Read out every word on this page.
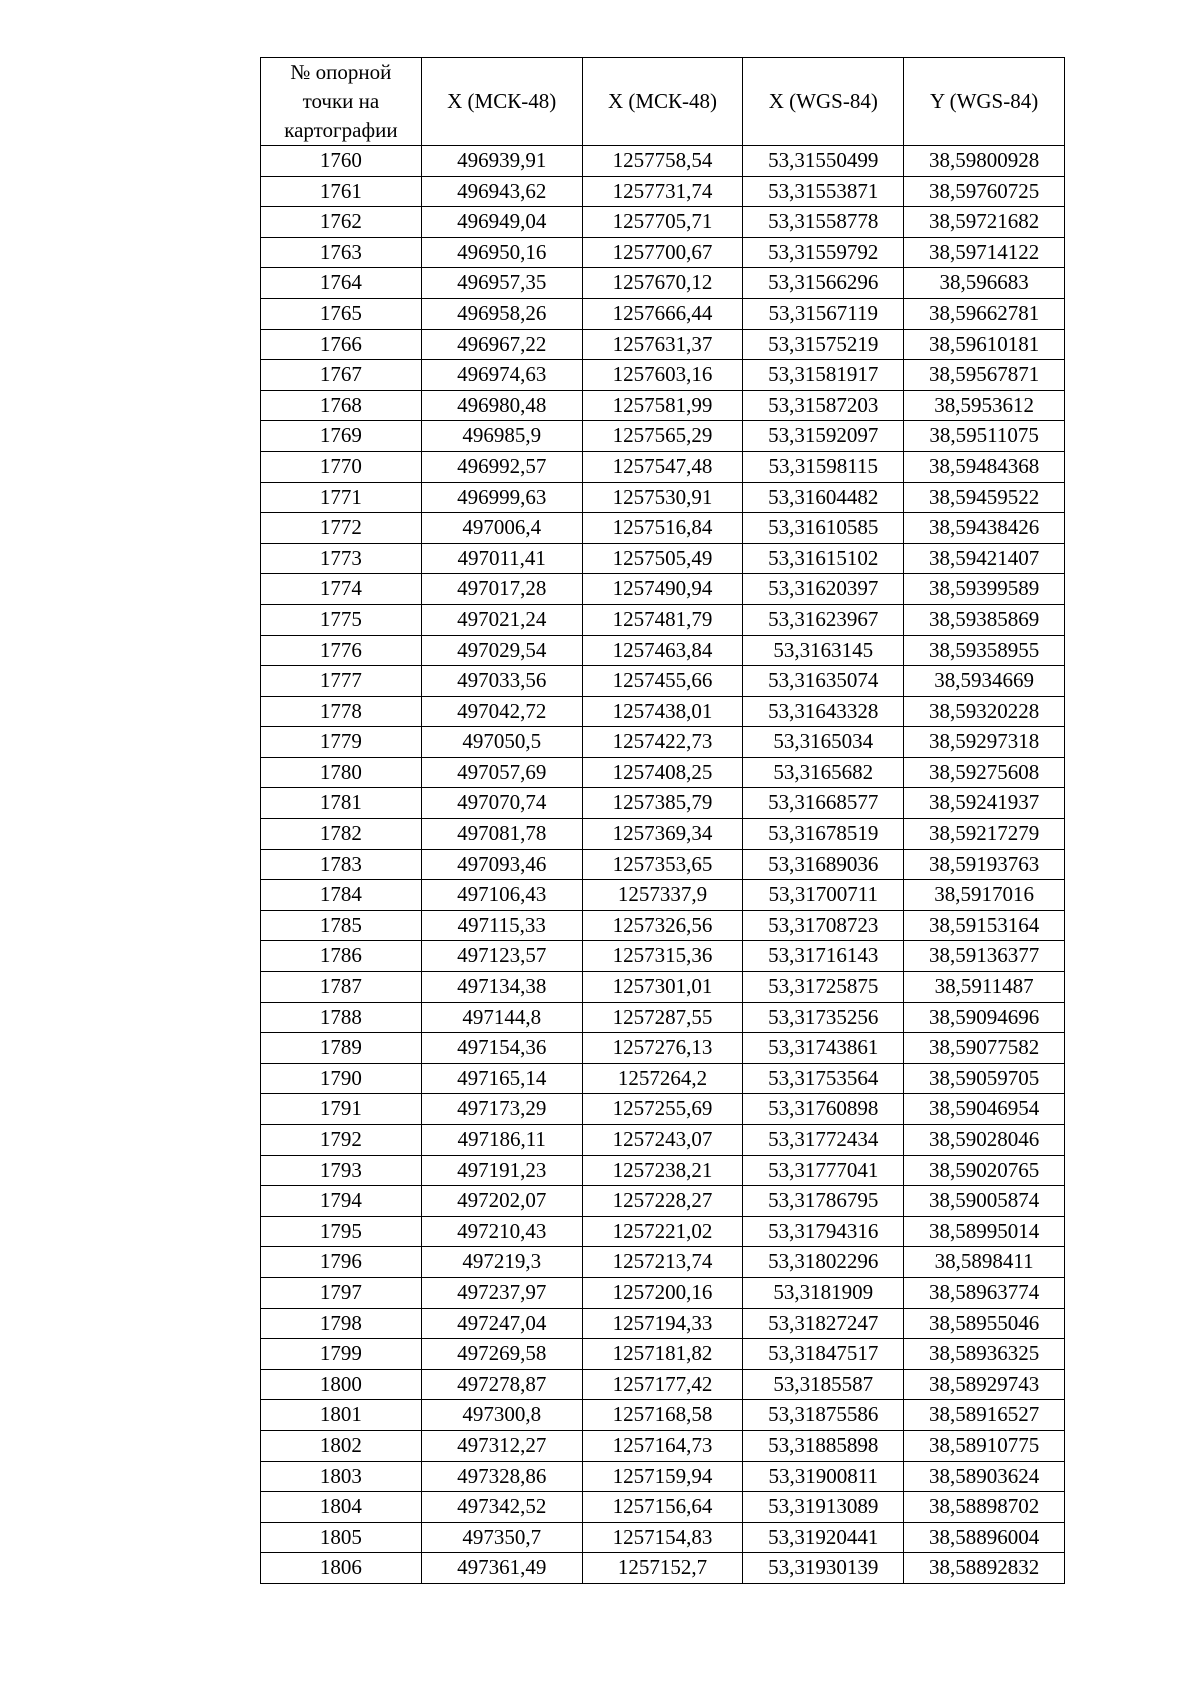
№ опорной точки на картографии	X (МСК-48)	X (МСК-48)	X (WGS-84)	Y (WGS-84)
1760	496939,91	1257758,54	53,31550499	38,59800928
1761	496943,62	1257731,74	53,31553871	38,59760725
1762	496949,04	1257705,71	53,31558778	38,59721682
1763	496950,16	1257700,67	53,31559792	38,59714122
1764	496957,35	1257670,12	53,31566296	38,596683
1765	496958,26	1257666,44	53,31567119	38,59662781
1766	496967,22	1257631,37	53,31575219	38,59610181
1767	496974,63	1257603,16	53,31581917	38,59567871
1768	496980,48	1257581,99	53,31587203	38,5953612
1769	496985,9	1257565,29	53,31592097	38,59511075
1770	496992,57	1257547,48	53,31598115	38,59484368
1771	496999,63	1257530,91	53,31604482	38,59459522
1772	497006,4	1257516,84	53,31610585	38,59438426
1773	497011,41	1257505,49	53,31615102	38,59421407
1774	497017,28	1257490,94	53,31620397	38,59399589
1775	497021,24	1257481,79	53,31623967	38,59385869
1776	497029,54	1257463,84	53,3163145	38,59358955
1777	497033,56	1257455,66	53,31635074	38,5934669
1778	497042,72	1257438,01	53,31643328	38,59320228
1779	497050,5	1257422,73	53,3165034	38,59297318
1780	497057,69	1257408,25	53,3165682	38,59275608
1781	497070,74	1257385,79	53,31668577	38,59241937
1782	497081,78	1257369,34	53,31678519	38,59217279
1783	497093,46	1257353,65	53,31689036	38,59193763
1784	497106,43	1257337,9	53,31700711	38,5917016
1785	497115,33	1257326,56	53,31708723	38,59153164
1786	497123,57	1257315,36	53,31716143	38,59136377
1787	497134,38	1257301,01	53,31725875	38,5911487
1788	497144,8	1257287,55	53,31735256	38,59094696
1789	497154,36	1257276,13	53,31743861	38,59077582
1790	497165,14	1257264,2	53,31753564	38,59059705
1791	497173,29	1257255,69	53,31760898	38,59046954
1792	497186,11	1257243,07	53,31772434	38,59028046
1793	497191,23	1257238,21	53,31777041	38,59020765
1794	497202,07	1257228,27	53,31786795	38,59005874
1795	497210,43	1257221,02	53,31794316	38,58995014
1796	497219,3	1257213,74	53,31802296	38,5898411
1797	497237,97	1257200,16	53,3181909	38,58963774
1798	497247,04	1257194,33	53,31827247	38,58955046
1799	497269,58	1257181,82	53,31847517	38,58936325
1800	497278,87	1257177,42	53,3185587	38,58929743
1801	497300,8	1257168,58	53,31875586	38,58916527
1802	497312,27	1257164,73	53,31885898	38,58910775
1803	497328,86	1257159,94	53,31900811	38,58903624
1804	497342,52	1257156,64	53,31913089	38,58898702
1805	497350,7	1257154,83	53,31920441	38,58896004
1806	497361,49	1257152,7	53,31930139	38,58892832
